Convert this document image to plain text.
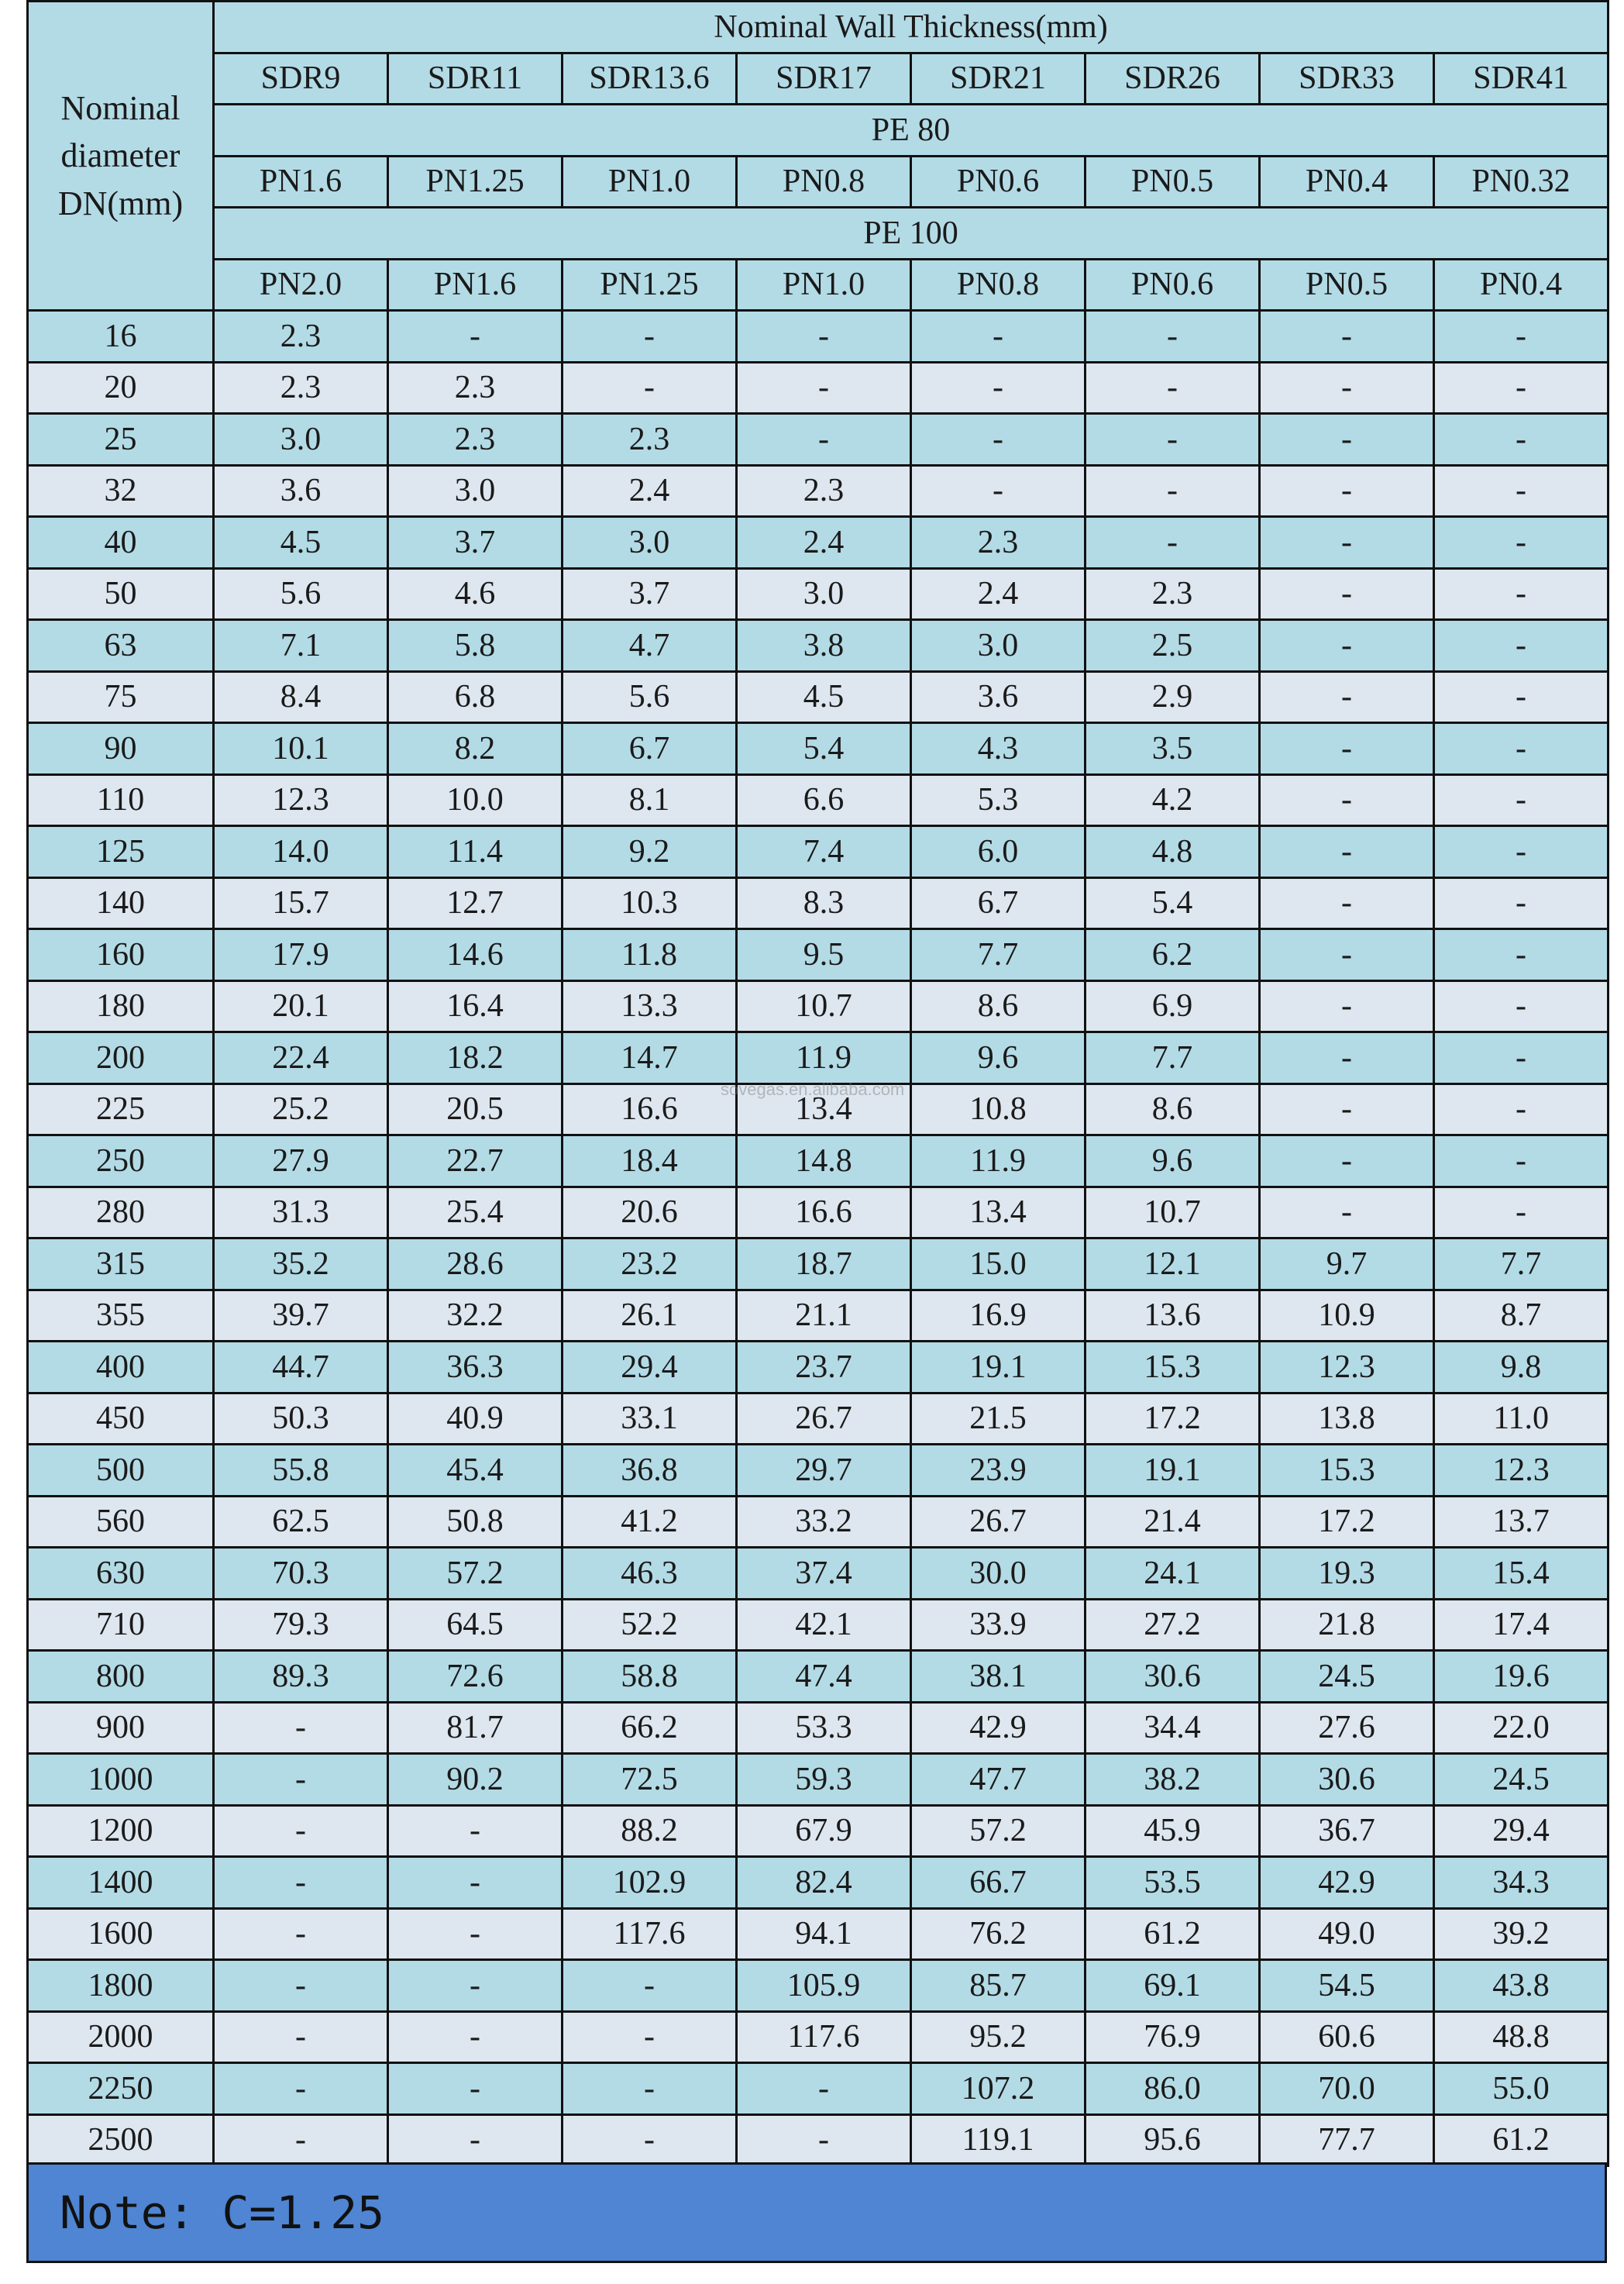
Nominal diameter DN(mm)	Nominal Wall Thickness(mm)							
	SDR9	SDR11	SDR13.6	SDR17	SDR21	SDR26	SDR33	SDR41
	PE 80							
	PN1.6	PN1.25	PN1.0	PN0.8	PN0.6	PN0.5	PN0.4	PN0.32
	PE 100							
	PN2.0	PN1.6	PN1.25	PN1.0	PN0.8	PN0.6	PN0.5	PN0.4
16	2.3	-	-	-	-	-	-	-
20	2.3	2.3	-	-	-	-	-	-
25	3.0	2.3	2.3	-	-	-	-	-
32	3.6	3.0	2.4	2.3	-	-	-	-
40	4.5	3.7	3.0	2.4	2.3	-	-	-
50	5.6	4.6	3.7	3.0	2.4	2.3	-	-
63	7.1	5.8	4.7	3.8	3.0	2.5	-	-
75	8.4	6.8	5.6	4.5	3.6	2.9	-	-
90	10.1	8.2	6.7	5.4	4.3	3.5	-	-
110	12.3	10.0	8.1	6.6	5.3	4.2	-	-
125	14.0	11.4	9.2	7.4	6.0	4.8	-	-
140	15.7	12.7	10.3	8.3	6.7	5.4	-	-
160	17.9	14.6	11.8	9.5	7.7	6.2	-	-
180	20.1	16.4	13.3	10.7	8.6	6.9	-	-
200	22.4	18.2	14.7	11.9	9.6	7.7	-	-
225	25.2	20.5	16.6	13.4	10.8	8.6	-	-
250	27.9	22.7	18.4	14.8	11.9	9.6	-	-
280	31.3	25.4	20.6	16.6	13.4	10.7	-	-
315	35.2	28.6	23.2	18.7	15.0	12.1	9.7	7.7
355	39.7	32.2	26.1	21.1	16.9	13.6	10.9	8.7
400	44.7	36.3	29.4	23.7	19.1	15.3	12.3	9.8
450	50.3	40.9	33.1	26.7	21.5	17.2	13.8	11.0
500	55.8	45.4	36.8	29.7	23.9	19.1	15.3	12.3
560	62.5	50.8	41.2	33.2	26.7	21.4	17.2	13.7
630	70.3	57.2	46.3	37.4	30.0	24.1	19.3	15.4
710	79.3	64.5	52.2	42.1	33.9	27.2	21.8	17.4
800	89.3	72.6	58.8	47.4	38.1	30.6	24.5	19.6
900	-	81.7	66.2	53.3	42.9	34.4	27.6	22.0
1000	-	90.2	72.5	59.3	47.7	38.2	30.6	24.5
1200	-	-	88.2	67.9	57.2	45.9	36.7	29.4
1400	-	-	102.9	82.4	66.7	53.5	42.9	34.3
1600	-	-	117.6	94.1	76.2	61.2	49.0	39.2
1800	-	-	-	105.9	85.7	69.1	54.5	43.8
2000	-	-	-	117.6	95.2	76.9	60.6	48.8
2250	-	-	-	-	107.2	86.0	70.0	55.0
2500	-	-	-	-	119.1	95.6	77.7	61.2
sovegas.en.alibaba.com
Note: C=1.25
